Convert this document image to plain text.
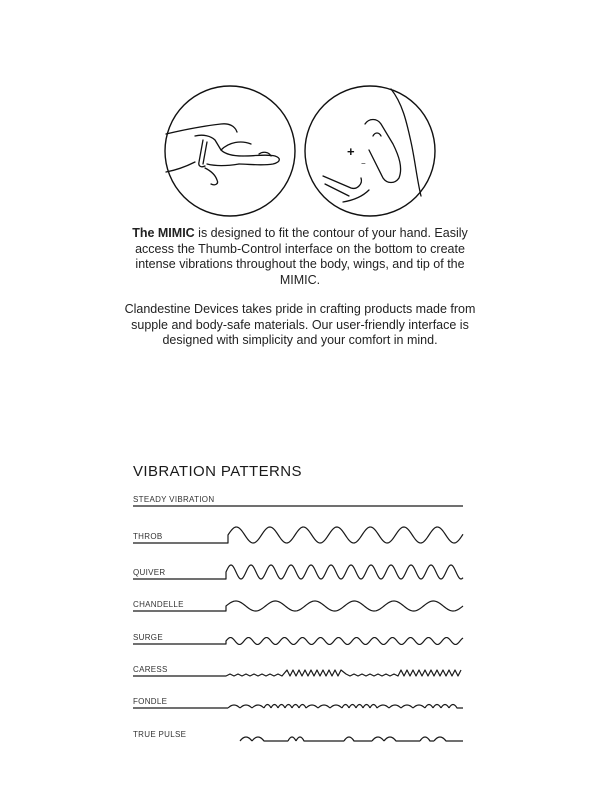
+
−

The MIMIC is designed to fit the contour of your hand. Easily access the Thumb-Control interface on the bottom to create intense vibrations throughout the body, wings, and tip of the MIMIC.

Clandestine Devices takes pride in crafting products made from supple and body-safe materials. Our user-friendly interface is designed with simplicity and your comfort in mind.

VIBRATION PATTERNS
STEADY VIBRATION
THROB
QUIVER
CHANDELLE
SURGE
CARESS
FONDLE
TRUE PULSE
